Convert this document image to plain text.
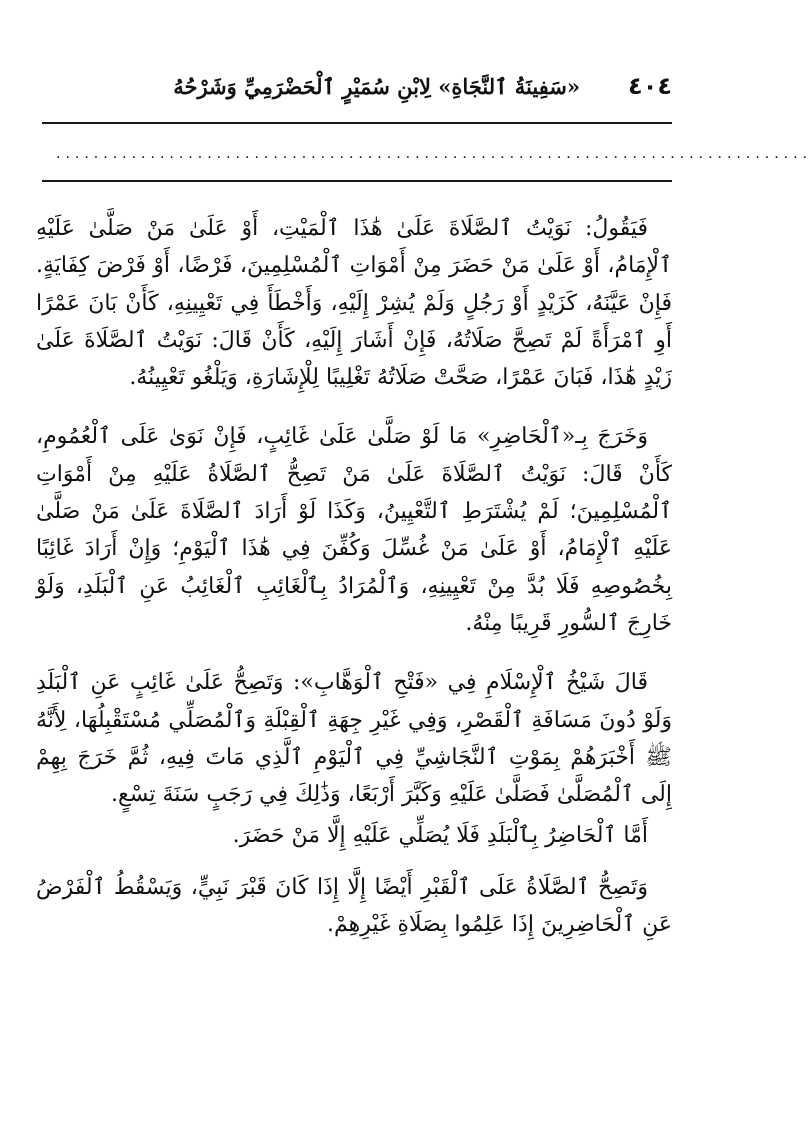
٤٠٤
«سَفِينَةُ ٱلنَّجَاةِ» لِابْنِ سُمَيْرٍ ٱلْحَضْرَمِيِّ وَشَرْحُهُ
................................................................................

فَيَقُولُ: نَوَيْتُ ٱلصَّلَاةَ عَلَىٰ هَٰذَا ٱلْمَيْتِ، أَوْ عَلَىٰ مَنْ صَلَّىٰ عَلَيْهِ ٱلْإِمَامُ، أَوْ عَلَىٰ مَنْ حَضَرَ مِنْ أَمْوَاتِ ٱلْمُسْلِمِينَ، فَرْضًا، أَوْ فَرْضَ كِفَايَةٍ. فَإِنْ عَيَّنَهُ، كَزَيْدٍ أَوْ رَجُلٍ وَلَمْ يُشِرْ إِلَيْهِ، وَأَخْطَأَ فِي تَعْيِينِهِ، كَأَنْ بَانَ عَمْرًا أَوِ ٱمْرَأَةً لَمْ تَصِحَّ صَلَاتُهُ، فَإِنْ أَشَارَ إِلَيْهِ، كَأَنْ قَالَ: نَوَيْتُ ٱلصَّلَاةَ عَلَىٰ زَيْدٍ هَٰذَا، فَبَانَ عَمْرًا، صَحَّتْ صَلَاتُهُ تَغْلِيبًا لِلْإِشَارَةِ، وَيَلْغُو تَعْيِينُهُ.

وَخَرَجَ بِـ«ٱلْحَاضِرِ» مَا لَوْ صَلَّىٰ عَلَىٰ غَائِبٍ، فَإِنْ نَوَىٰ عَلَى ٱلْعُمُومِ، كَأَنْ قَالَ: نَوَيْتُ ٱلصَّلَاةَ عَلَىٰ مَنْ تَصِحُّ ٱلصَّلَاةُ عَلَيْهِ مِنْ أَمْوَاتِ ٱلْمُسْلِمِينَ؛ لَمْ يُشْتَرَطِ ٱلتَّعْيِينُ، وَكَذَا لَوْ أَرَادَ ٱلصَّلَاةَ عَلَىٰ مَنْ صَلَّىٰ عَلَيْهِ ٱلْإِمَامُ، أَوْ عَلَىٰ مَنْ غُسِّلَ وَكُفِّنَ فِي هَٰذَا ٱلْيَوْمِ؛ وَإِنْ أَرَادَ غَائِبًا بِخُصُوصِهِ فَلَا بُدَّ مِنْ تَعْيِينِهِ، وَٱلْمُرَادُ بِٱلْغَائِبِ ٱلْغَائِبُ عَنِ ٱلْبَلَدِ، وَلَوْ خَارِجَ ٱلسُّورِ قَرِيبًا مِنْهُ.

قَالَ شَيْخُ ٱلْإِسْلَامِ فِي «فَتْحِ ٱلْوَهَّابِ»: وَتَصِحُّ عَلَىٰ غَائِبٍ عَنِ ٱلْبَلَدِ وَلَوْ دُونَ مَسَافَةِ ٱلْقَصْرِ، وَفِي غَيْرِ جِهَةِ ٱلْقِبْلَةِ وَٱلْمُصَلِّي مُسْتَقْبِلُهَا، لِأَنَّهُ ﷺ أَخْبَرَهُمْ بِمَوْتِ ٱلنَّجَاشِيِّ فِي ٱلْيَوْمِ ٱلَّذِي مَاتَ فِيهِ، ثُمَّ خَرَجَ بِهِمْ إِلَى ٱلْمُصَلَّىٰ فَصَلَّىٰ عَلَيْهِ وَكَبَّرَ أَرْبَعًا، وَذَٰلِكَ فِي رَجَبٍ سَنَةَ تِسْعٍ.

أَمَّا ٱلْحَاضِرُ بِٱلْبَلَدِ فَلَا يُصَلِّي عَلَيْهِ إِلَّا مَنْ حَضَرَ.

وَتَصِحُّ ٱلصَّلَاةُ عَلَى ٱلْقَبْرِ أَيْضًا إِلَّا إِذَا كَانَ قَبْرَ نَبِيٍّ، وَيَسْقُطُ ٱلْفَرْضُ عَنِ ٱلْحَاضِرِينَ إِذَا عَلِمُوا بِصَلَاةِ غَيْرِهِمْ.
